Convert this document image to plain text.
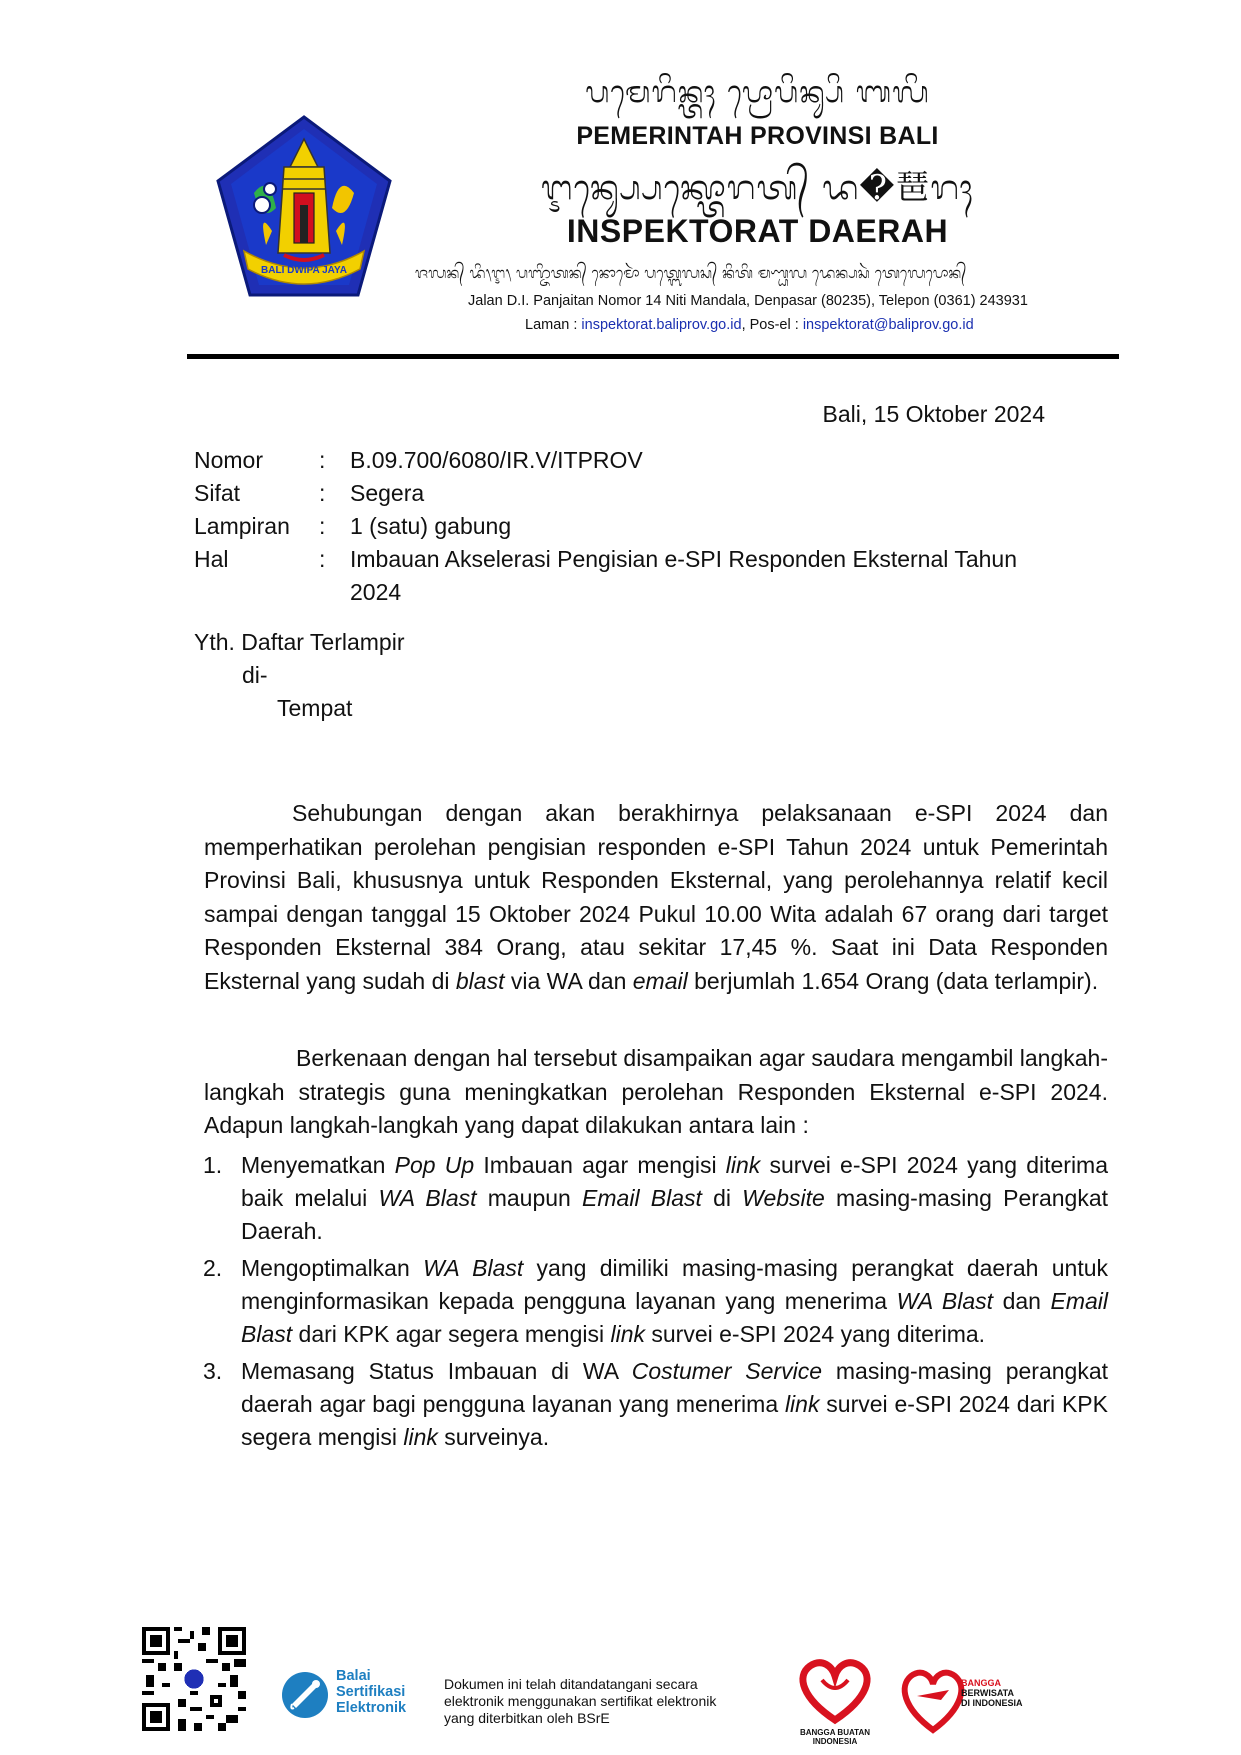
BALI DWIPA JAYA
ᬧᬫᬾᬭᬶᬦ᭄ᬢᬄ ᬧ᭄ᬭᭀᬧᬶᬦ᭄ᬲᬶ ᬩᬮᬶ
PEMERINTAH PROVINSI BALI
ᬇᬦ᭄ᬲ᭄ᬧᬾᬓ᭄ᬢᭀᬭᬢ᭄ ᬤ�琶ᬭᬄ
INSPEKTORAT DAERAH
ᬚᬮᬦ᭄ ᬤᬶ᭞ᬇ᭞ ᬧᬜ᭄ᬚᬶᬢᬦ᭄ ᬦᭀᬫᭀᬃ ᬧᬢ᭄ᬩᬾᬮᬲ᭄ ᬦᬶᬢᬶ ᬫᬡ᭄ᬟᬮ ᬤᬾᬦ᭄ᬧᬲᬃ ᬢᬾᬮᬾᬧᭀᬦ᭄
Jalan D.I. Panjaitan Nomor 14 Niti Mandala, Denpasar (80235), Telepon (0361) 243931
Laman : inspektorat.baliprov.go.id, Pos-el : inspektorat@baliprov.go.id
Bali, 15 Oktober 2024
Nomor	:	B.09.700/6080/IR.V/ITPROV
Sifat	:	Segera
Lampiran	:	1 (satu) gabung
Hal	:	Imbauan Akselerasi Pengisian e-SPI Responden Eksternal Tahun 2024
Yth. Daftar Terlampir
di-
Tempat
Sehubungan dengan akan berakhirnya pelaksanaan e-SPI 2024 dan memperhatikan perolehan pengisian responden e-SPI Tahun 2024 untuk Pemerintah Provinsi Bali, khususnya untuk Responden Eksternal, yang perolehannya relatif kecil sampai dengan tanggal 15 Oktober 2024 Pukul 10.00 Wita adalah 67 orang dari target Responden Eksternal 384 Orang, atau sekitar 17,45 %. Saat ini Data Responden Eksternal yang sudah di blast via WA dan email berjumlah 1.654 Orang (data terlampir).
Berkenaan dengan hal tersebut disampaikan agar saudara mengambil langkah-langkah strategis guna meningkatkan perolehan Responden Eksternal e-SPI 2024. Adapun langkah-langkah yang dapat dilakukan antara lain :
1. Menyematkan Pop Up Imbauan agar mengisi link survei e-SPI 2024 yang diterima baik melalui WA Blast maupun Email Blast di Website masing-masing Perangkat Daerah.
2. Mengoptimalkan WA Blast yang dimiliki masing-masing perangkat daerah untuk menginformasikan kepada pengguna layanan yang menerima WA Blast dan Email Blast dari KPK agar segera mengisi link survei e-SPI 2024 yang diterima.
3. Memasang Status Imbauan di WA Costumer Service masing-masing perangkat daerah agar bagi pengguna layanan yang menerima link survei e-SPI 2024 dari KPK segera mengisi link surveinya.
Balai
Sertifikasi
Elektronik
Dokumen ini telah ditandatangani secara
elektronik menggunakan sertifikat elektronik
yang diterbitkan oleh BSrE
BANGGA BUATAN
INDONESIA
BANGGA
BERWISATA
DI INDONESIA
